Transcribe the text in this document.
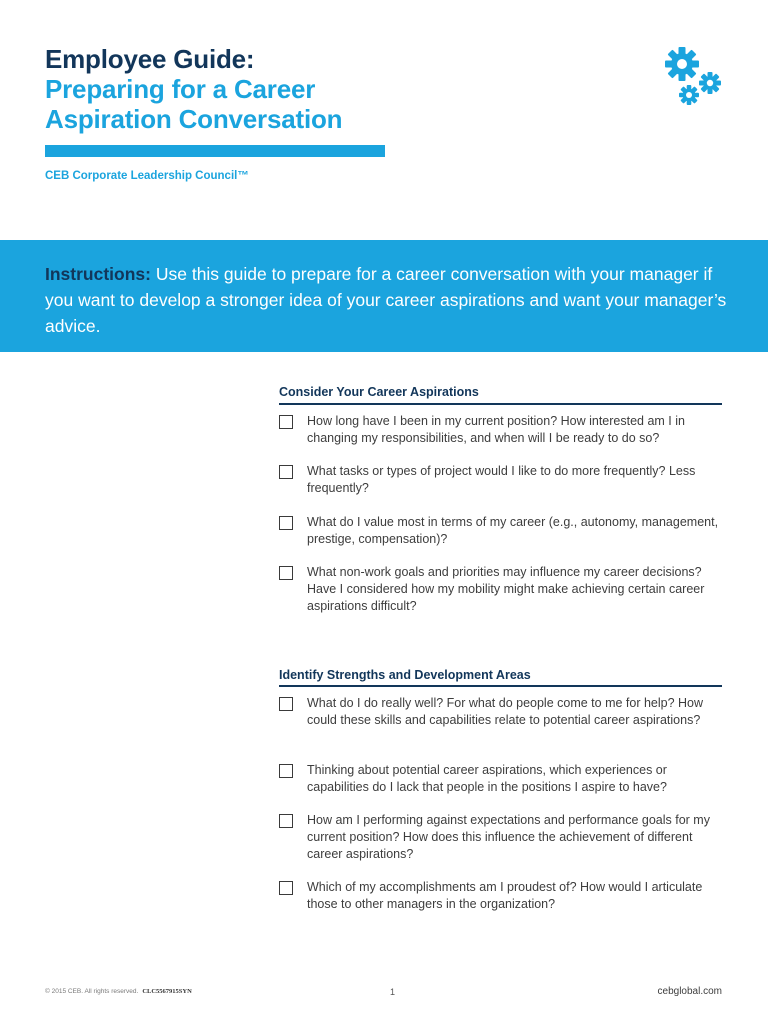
Employee Guide:
Preparing for a Career
Aspiration Conversation
CEB Corporate Leadership Council™
Instructions: Use this guide to prepare for a career conversation with your manager if you want to develop a stronger idea of your career aspirations and want your manager’s advice.
Consider Your Career Aspirations
How long have I been in my current position? How interested am I in changing my responsibilities, and when will I be ready to do so?
What tasks or types of project would I like to do more frequently? Less frequently?
What do I value most in terms of my career (e.g., autonomy, management, prestige, compensation)?
What non-work goals and priorities may influence my career decisions? Have I considered how my mobility might make achieving certain career aspirations difficult?
Identify Strengths and Development Areas
What do I do really well? For what do people come to me for help? How could these skills and capabilities relate to potential career aspirations?
Thinking about potential career aspirations, which experiences or capabilities do I lack that people in the positions I aspire to have?
How am I performing against expectations and performance goals for my current position? How does this influence the achievement of different career aspirations?
Which of my accomplishments am I proudest of? How would I articulate those to other managers in the organization?
© 2015 CEB. All rights reserved. CLC5567915SYN	1	cebglobal.com
